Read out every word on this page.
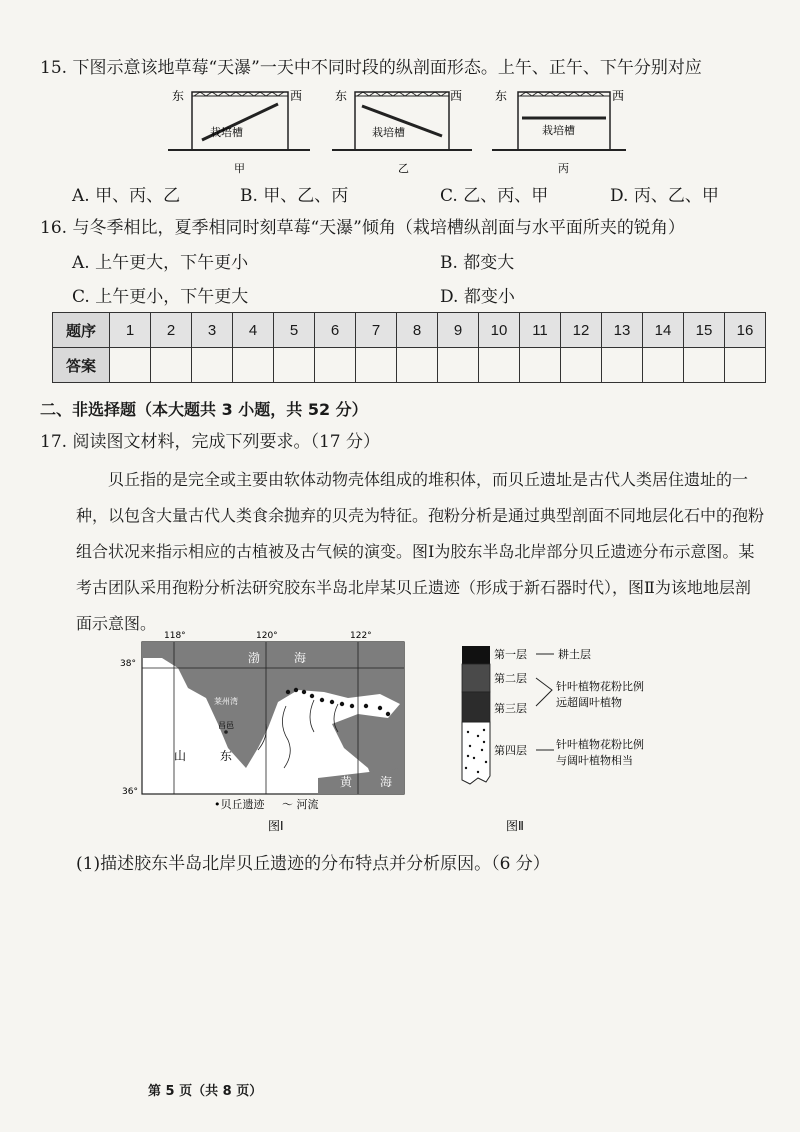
15. 下图示意该地草莓“天瀑”一天中不同时段的纵剖面形态。上午、正午、下午分别对应
东	西
栽培槽
甲
东	西
栽培槽
乙
东	西
栽培槽
丙
A. 甲、丙、乙	B. 甲、乙、丙	C. 乙、丙、甲	D. 丙、乙、甲
16. 与冬季相比，夏季相同时刻草莓“天瀑”倾角（栽培槽纵剖面与水平面所夹的锐角）
A. 上午更大，下午更小	B. 都变大
C. 上午更小，下午更大	D. 都变小
题序	1	2	3	4	5	6	7	8	9	10	11	12	13	14	15	16
答案																
二、非选择题（本大题共 3 小题，共 52 分）
17. 阅读图文材料，完成下列要求。（17 分）
贝丘指的是完全或主要由软体动物壳体组成的堆积体，而贝丘遗址是古代人类居住遗址的一种，以包含大量古代人类食余抛弃的贝壳为特征。孢粉分析是通过典型剖面不同地层化石中的孢粉组合状况来指示相应的古植被及古气候的演变。图Ⅰ为胶东半岛北岸部分贝丘遗迹分布示意图。某考古团队采用孢粉分析法研究胶东半岛北岸某贝丘遗迹（形成于新石器时代），图Ⅱ为该地地层剖面示意图。
118°	120°	122°
38°
36°
渤	海
莱州湾
山	东
昌邑
黄 海
•贝丘遗迹 〜 河流
图Ⅰ
第一层	耕土层
第二层
第三层
针叶植物花粉比例
远超阔叶植物
第四层	针叶植物花粉比例
与阔叶植物相当
图Ⅱ
(1)描述胶东半岛北岸贝丘遗迹的分布特点并分析原因。（6 分）
第 5 页（共 8 页）
